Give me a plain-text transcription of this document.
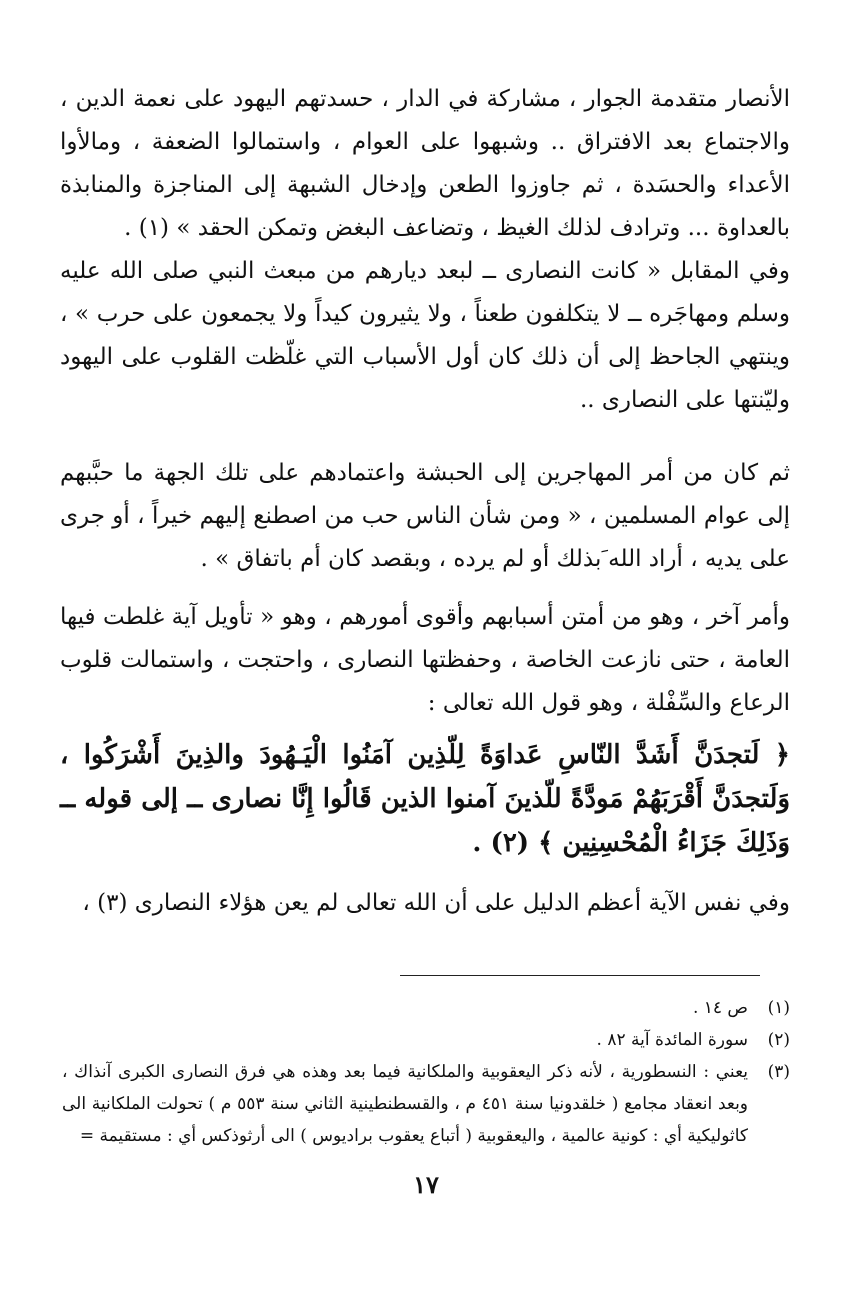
الأنصار متقدمة الجوار ، مشاركة في الدار ، حسدتهم اليهود على نعمة الدين ، والاجتماع بعد الافتراق .. وشبهوا على العوام ، واستمالوا الضعفة ، ومالأوا الأعداء والحسَدة ، ثم جاوزوا الطعن وإدخال الشبهة إلى المناجزة والمنابذة بالعداوة ... وترادف لذلك الغيظ ، وتضاعف البغض وتمكن الحقد » (١) .

وفي المقابل « كانت النصارى ــ لبعد ديارهم من مبعث النبي صلى الله عليه وسلم ومهاجَره ــ لا يتكلفون طعناً ، ولا يثيرون كيداً ولا يجمعون على حرب » ، وينتهي الجاحظ إلى أن ذلك كان أول الأسباب التي غلّظت القلوب على اليهود وليّنتها على النصارى ..

ثم كان من أمر المهاجرين إلى الحبشة واعتمادهم على تلك الجهة ما حبَّبهم إلى عوام المسلمين ، « ومن شأن الناس حب من اصطنع إليهم خيراً ، أو جرى على يديه ، أراد الله َبذلك أو لم يرده ، وبقصد كان أم باتفاق » .

وأمر آخر ، وهو من أمتن أسبابهم وأقوى أمورهم ، وهو « تأويل آية غلطت فيها العامة ، حتى نازعت الخاصة ، وحفظتها النصارى ، واحتجت ، واستمالت قلوب الرعاع والسِّفْلة ، وهو قول الله تعالى :

﴿ لَتجدَنَّ أَشَدَّ النّاسِ عَداوَةً لِلّذِين آمَنُوا الْيَـهُودَ والذِينَ أَشْرَكُوا ، وَلَتجدَنَّ أَقْرَبَهُمْ مَودَّةً للّذينَ آمنوا الذين قَالُوا إِنَّا نصارى ــ إلى قوله ــ وَذَلِكَ جَزَاءُ الْمُحْسِنِين ﴾ (٢) .

وفي نفس الآية أعظم الدليل على أن الله تعالى لم يعن هؤلاء النصارى (٣) ،

(١)
ص ١٤ .
(٢)
سورة المائدة آية ٨٢ .
(٣)
يعني : النسطورية ، لأنه ذكر اليعقوبية والملكانية فيما بعد وهذه هي فرق النصارى الكبرى آنذاك ، وبعد انعقاد مجامع ( خلقدونيا سنة ٤٥١ م ، والقسطنطينية الثاني سنة ٥٥٣ م ) تحولت الملكانية الى كاثوليكية أي : كونية عالمية ، واليعقوبية ( أتباع يعقوب براديوس ) الى أرثوذكس أي : مستقيمة =
١٧
